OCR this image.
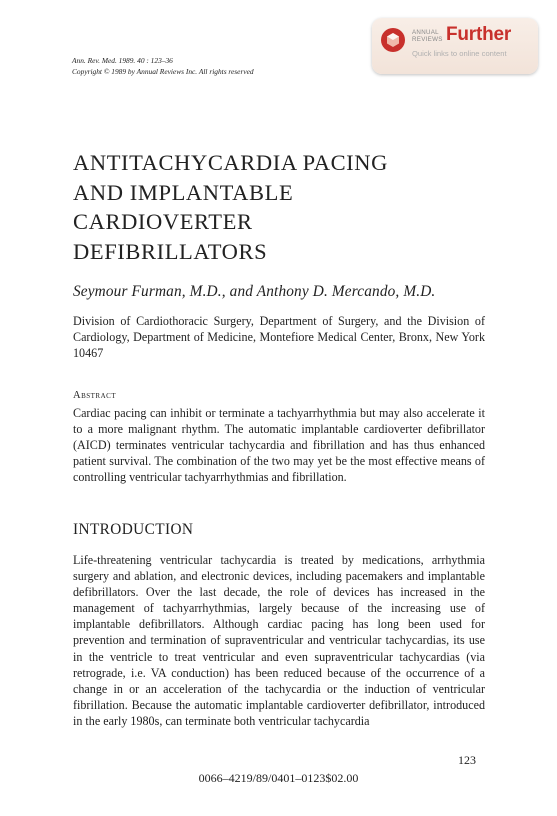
Ann. Rev. Med. 1989. 40 : 123–36
Copyright © 1989 by Annual Reviews Inc. All rights reserved
ANNUAL
REVIEWS Further
Quick links to online content
ANTITACHYCARDIA PACING
AND IMPLANTABLE
CARDIOVERTER
DEFIBRILLATORS
Seymour Furman, M.D., and Anthony D. Mercando, M.D.
Division of Cardiothoracic Surgery, Department of Surgery, and the Division of Cardiology, Department of Medicine, Montefiore Medical Center, Bronx, New York 10467
Abstract
Cardiac pacing can inhibit or terminate a tachyarrhythmia but may also accelerate it to a more malignant rhythm. The automatic implantable cardioverter defibrillator (AICD) terminates ventricular tachycardia and fibrillation and has thus enhanced patient survival. The combination of the two may yet be the most effective means of controlling ventricular tachyarrhythmias and fibrillation.
INTRODUCTION
Life-threatening ventricular tachycardia is treated by medications, arrhythmia surgery and ablation, and electronic devices, including pacemakers and implantable defibrillators. Over the last decade, the role of devices has increased in the management of tachyarrhythmias, largely because of the increasing use of implantable defibrillators. Although cardiac pacing has long been used for prevention and termination of supraventricular and ventricular tachycardias, its use in the ventricle to treat ventricular and even supraventricular tachycardias (via retrograde, i.e. VA conduction) has been reduced because of the occurrence of a change in or an acceleration of the tachycardia or the induction of ventricular fibrillation. Because the automatic implantable cardioverter defibrillator, introduced in the early 1980s, can terminate both ventricular tachycardia
123
0066–4219/89/0401–0123$02.00
